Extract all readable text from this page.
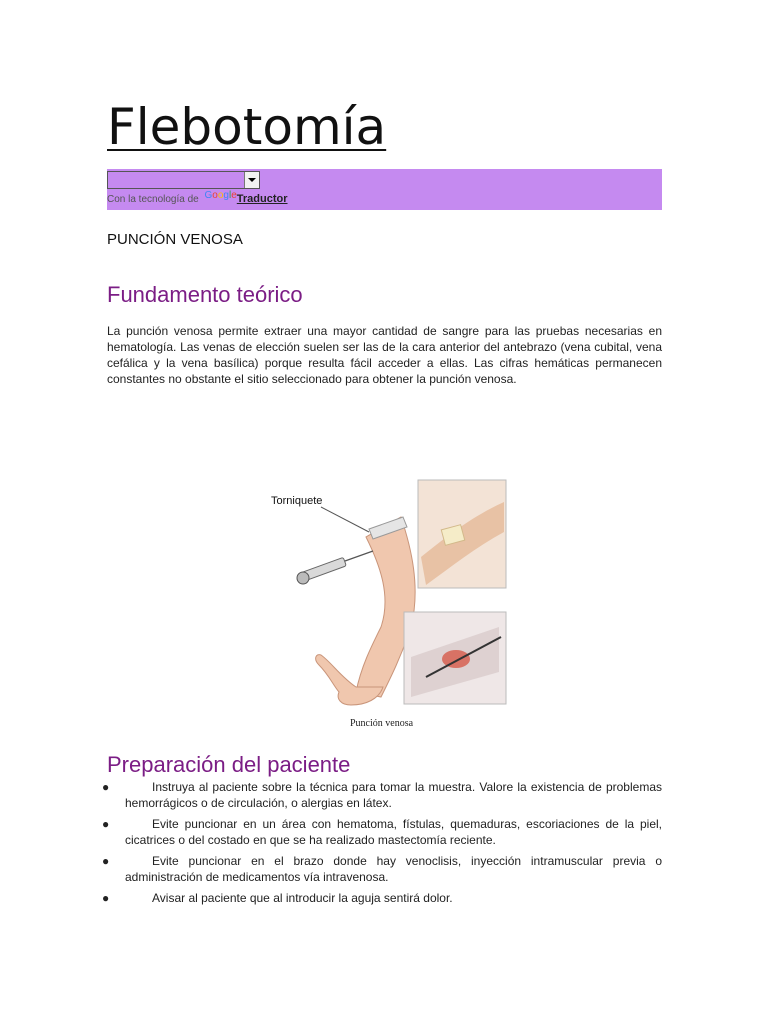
Flebotomía
Con la tecnología de GoogleTraductor

PUNCIÓN VENOSA

Fundamento teórico

La punción venosa permite extraer una mayor cantidad de sangre para las pruebas necesarias en hematología. Las venas de elección suelen ser las de la cara anterior del antebrazo (vena cubital, vena cefálica y la vena basílica) porque resulta fácil acceder a ellas. Las cifras hemáticas permanecen constantes no obstante el sitio seleccionado para obtener la punción venosa.

Torniquete
Punción venosa
Preparación del paciente
●	Instruya al paciente sobre la técnica para tomar la muestra. Valore la existencia de problemas hemorrágicos o de circulación, o alergias en látex.
●	Evite puncionar en un área con hematoma, fístulas, quemaduras, escoriaciones de la piel, cicatrices o del costado en que se ha realizado mastectomía reciente.
●	Evite puncionar en el brazo donde hay venoclisis, inyección intramuscular previa o administración de medicamentos vía intravenosa.
●	Avisar al paciente que al introducir la aguja sentirá dolor.
